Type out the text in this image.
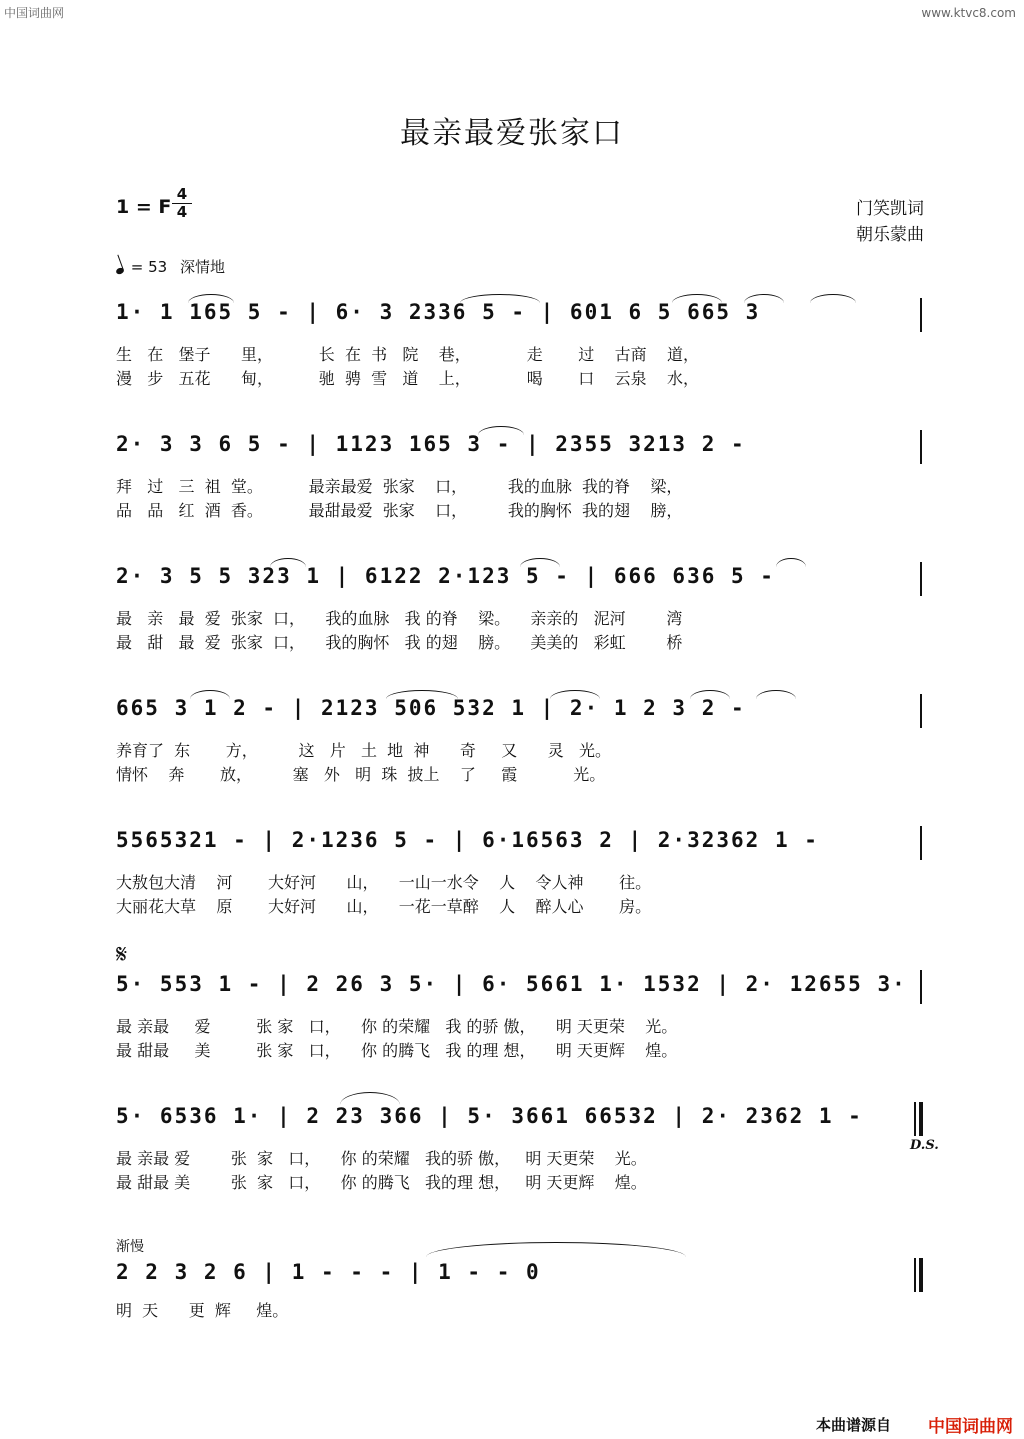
中国词曲网	www.ktvc8.com
最亲最爱张家口
1 = F
4
4	门笑凯词
朝乐蒙曲
= 53 深情地
1· 1 165 5 - | 6· 3 2336 5 - | 601 6 5 665 3
生   在   堡子      里，         长  在  书   院    巷，           走       过    古商    道，
漫   步   五花      甸，         驰  骋  雪   道    上，           喝       口    云泉    水，
2· 3 3 6 5 - | 1123 165 3 - | 2355 3213 2 -
拜   过   三  祖  堂。         最亲最爱  张家    口，        我的血脉  我的脊    梁，
品   品   红  酒  香。         最甜最爱  张家    口，        我的胸怀  我的翅    膀，
2· 3 5 5 323 1 | 6122 2·123 5 - | 666 636 5 -
最   亲   最  爱  张家  口，    我的血脉   我 的脊    梁。    亲亲的   泥河        湾
最   甜   最  爱  张家  口，    我的胸怀   我 的翅    膀。    美美的   彩虹        桥
665 3 1 2 - | 2123 506 532 1 | 2· 1 2 3 2 -
养育了  东       方，        这   片   土  地  神      奇     又      灵   光。
情怀    奔       放，        塞   外   明  珠  披上    了     霞           光。
5565321 - | 2·1236 5 - | 6·16563 2 | 2·32362 1 -
大敖包大清    河       大好河      山，    一山一水令    人    令人神       往。
大丽花大草    原       大好河      山，    一花一草醉    人    醉人心       房。
𝄋
5· 553 1 - | 2 26 3 5· | 6· 5661 1· 1532 | 2· 12655 3·
最 亲最     爱         张 家   口，    你 的荣耀   我 的骄 傲，    明 天更荣    光。
最 甜最     美         张 家   口，    你 的腾飞   我 的理 想，    明 天更辉    煌。
5· 6536 1· | 2 23 366 | 5· 3661 66532 | 2· 2362 1 -
最 亲最 爱        张  家   口，    你 的荣耀   我的骄 傲，   明 天更荣    光。
最 甜最 美        张  家   口，    你 的腾飞   我的理 想，   明 天更辉    煌。
D.S.
渐慢
2 2 3 2 6 | 1 - - - | 1 - - 0
明  天      更  辉     煌。
本曲谱源自 中国词曲网
